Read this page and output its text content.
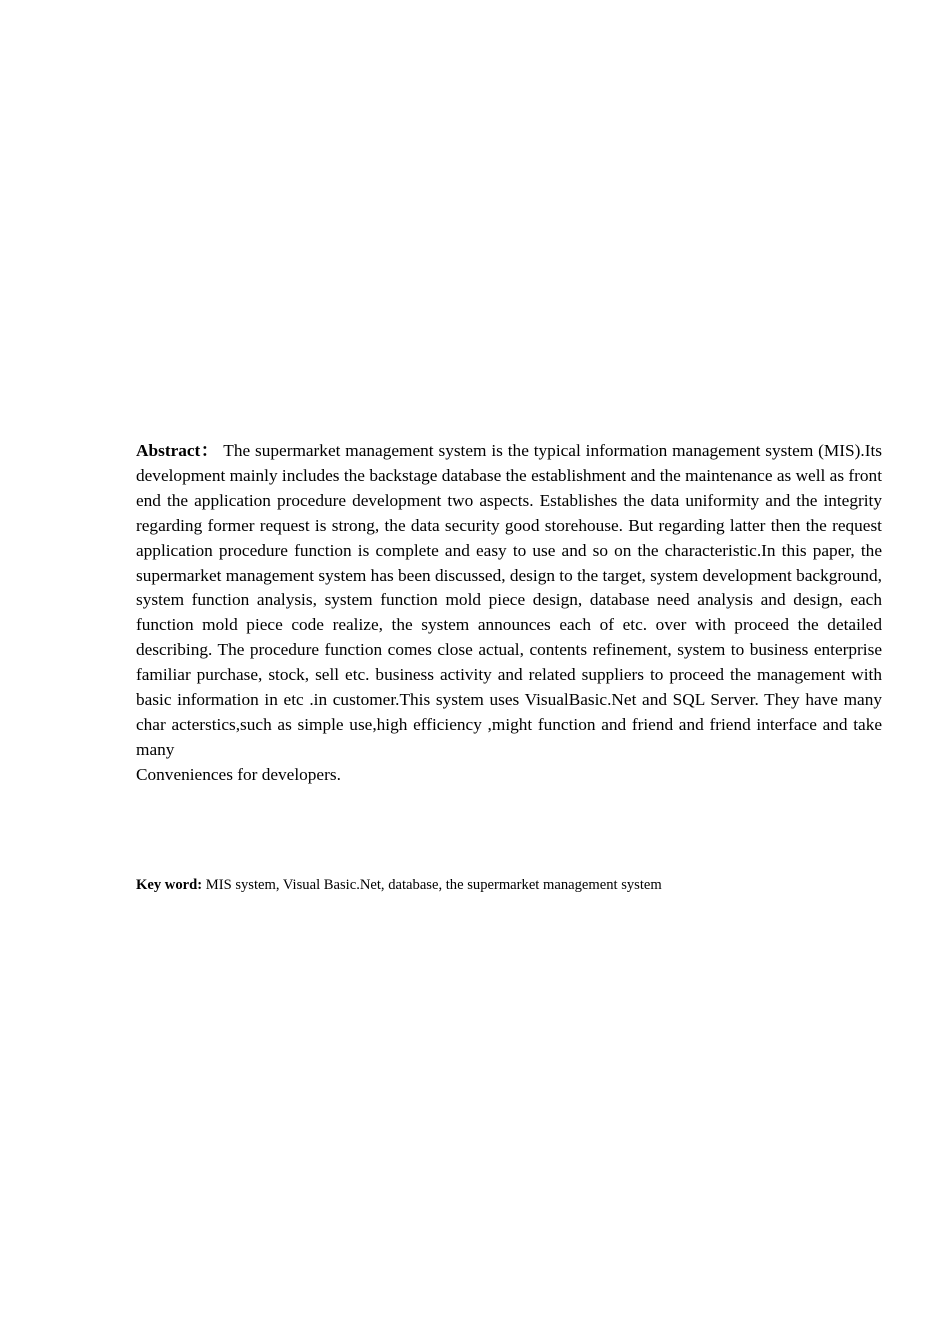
Abstract： The supermarket management system is the typical information management system (MIS).Its development mainly includes the backstage database the establishment and the maintenance as well as front end the application procedure development two aspects. Establishes the data uniformity and the integrity regarding former request is strong, the data security good storehouse. But regarding latter then the request application procedure function is complete and easy to use and so on the characteristic.In this paper, the supermarket management system has been discussed, design to the target, system development background, system function analysis, system function mold piece design, database need analysis and design, each function mold piece code realize, the system announces each of etc. over with proceed the detailed describing. The procedure function comes close actual, contents refinement, system to business enterprise familiar purchase, stock, sell etc. business activity and related suppliers to proceed the management with basic information in etc .in customer.This system uses VisualBasic.Net and SQL Server. They have many char acterstics,such as simple use,high efficiency ,might function and friend and friend interface and take many
Conveniences for developers.

Key word: MIS system, Visual Basic.Net, database, the supermarket management system
